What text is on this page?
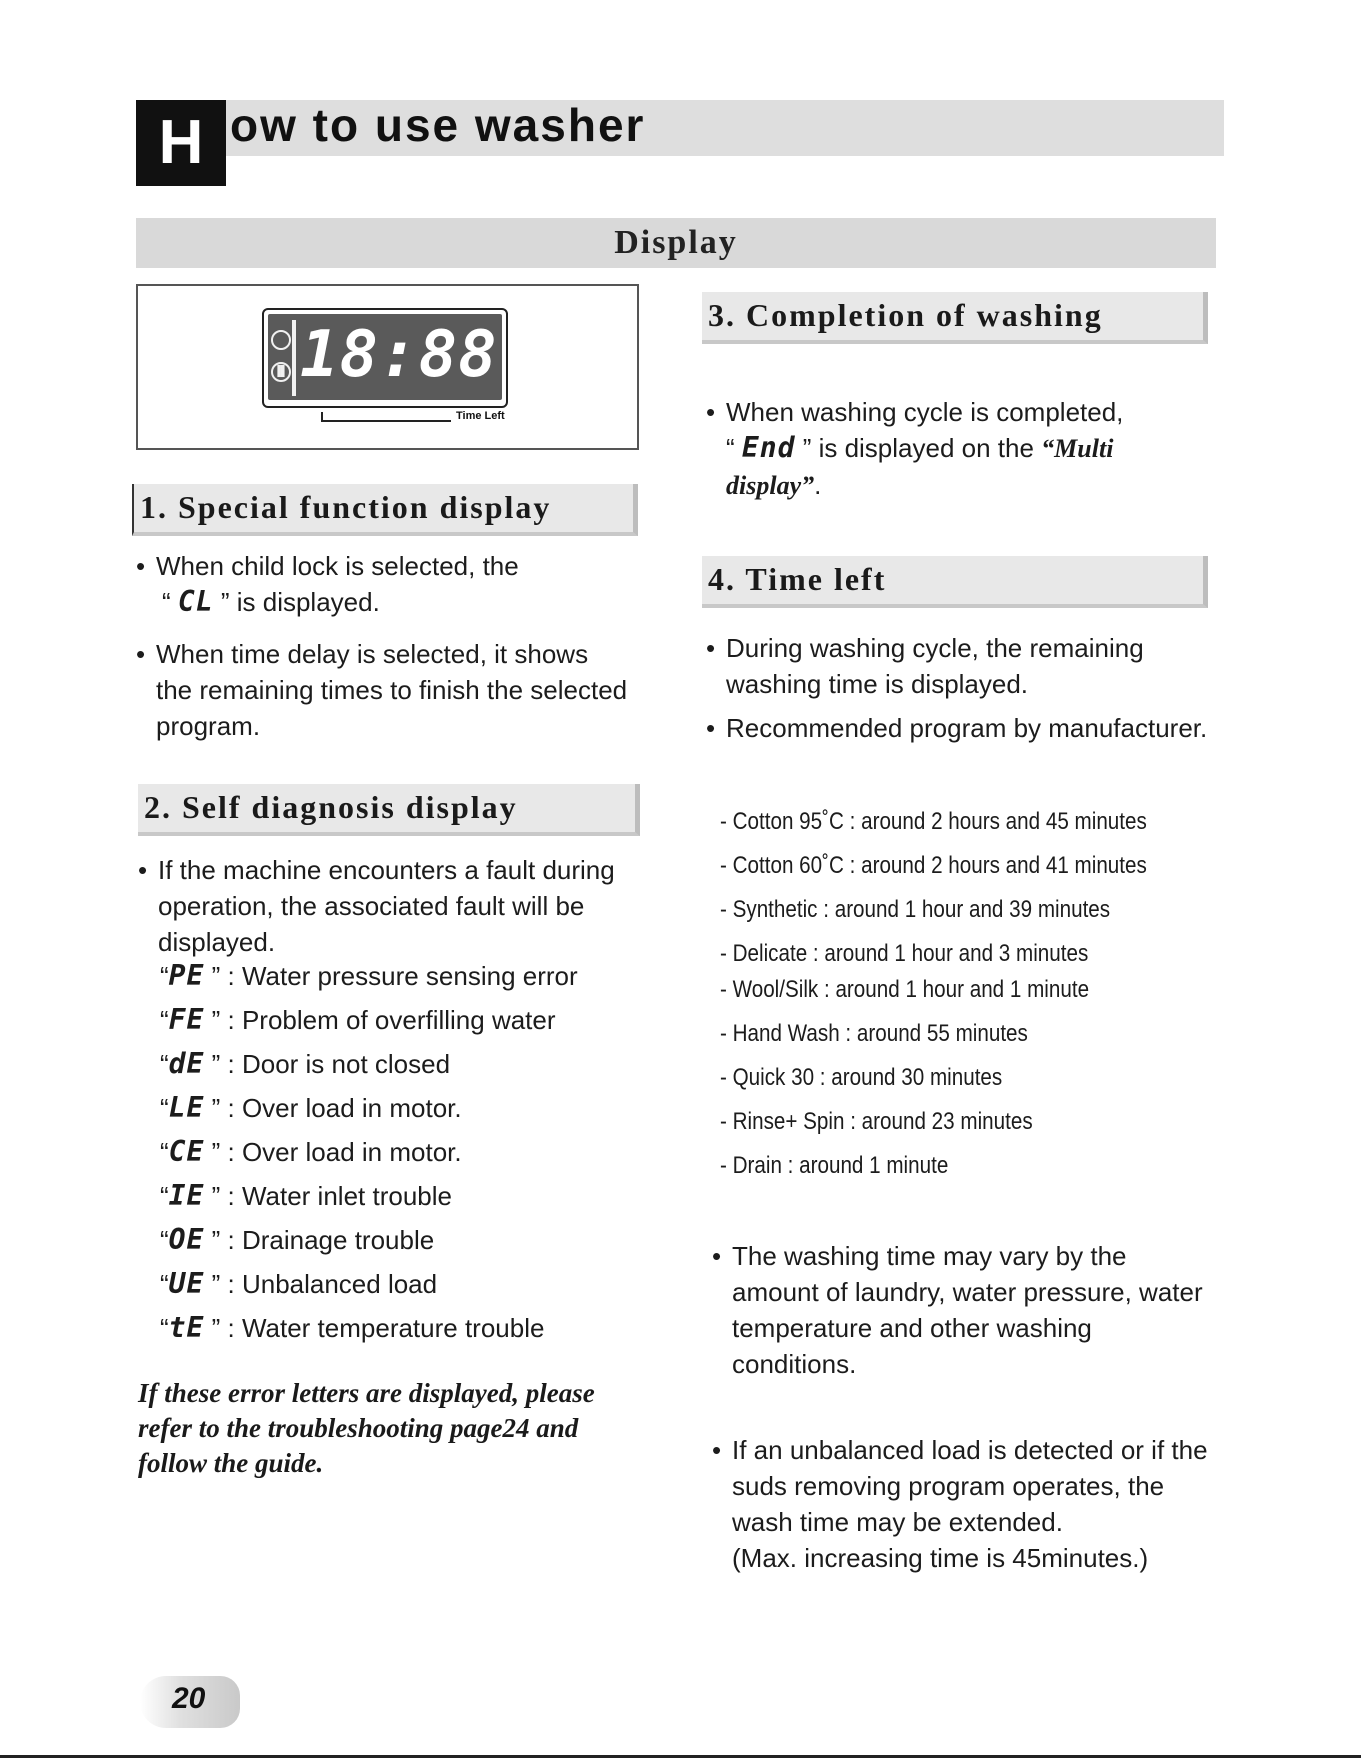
H ow to use washer
Display
▐▌ 18:88
Time Left
1. Special function display
• When child lock is selected, the
“ CL ” is displayed.
• When time delay is selected, it shows
the remaining times to finish the selected
program.
2. Self diagnosis display
• If the machine encounters a fault during
operation, the associated fault will be
displayed.
“PE ” : Water pressure sensing error
“FE ” : Problem of overfilling water
“dE ” : Door is not closed
“LE ” : Over load in motor.
“CE ” : Over load in motor.
“IE ” : Water inlet trouble
“OE ” : Drainage trouble
“UE ” : Unbalanced load
“tE ” : Water temperature trouble
If these error letters are displayed, please
refer to the troubleshooting page24 and
follow the guide.
3. Completion of washing
• When washing cycle is completed,
“ End ” is displayed on the “Multi
display”.
4. Time left
• During washing cycle, the remaining
washing time is displayed.
• Recommended program by manufacturer.
- Cotton 95˚C : around 2 hours and 45 minutes
- Cotton 60˚C : around 2 hours and 41 minutes
- Synthetic : around 1 hour and 39 minutes
- Delicate : around 1 hour and 3 minutes
- Wool/Silk : around 1 hour and 1 minute
- Hand Wash : around 55 minutes
- Quick 30 : around 30 minutes
- Rinse+ Spin : around 23 minutes
- Drain : around 1 minute
• The washing time may vary by the
amount of laundry, water pressure, water
temperature and other washing
conditions.
• If an unbalanced load is detected or if the
suds removing program operates, the
wash time may be extended.
(Max. increasing time is 45minutes.)
20
